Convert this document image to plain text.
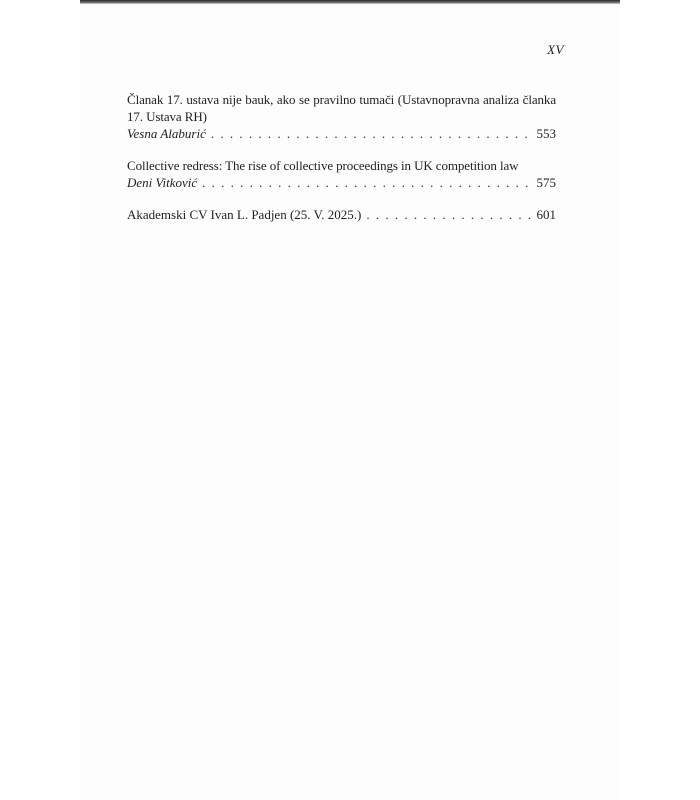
XV
Članak 17. ustava nije bauk, ako se pravilno tumači (Ustavnopravna analiza članka 17. Ustava RH)
Vesna Alaburić . . .	553
Collective redress: The rise of collective proceedings in UK competition law
Deni Vitković . . .	575
Akademski CV Ivan L. Padjen (25. V. 2025.) . . .	601
